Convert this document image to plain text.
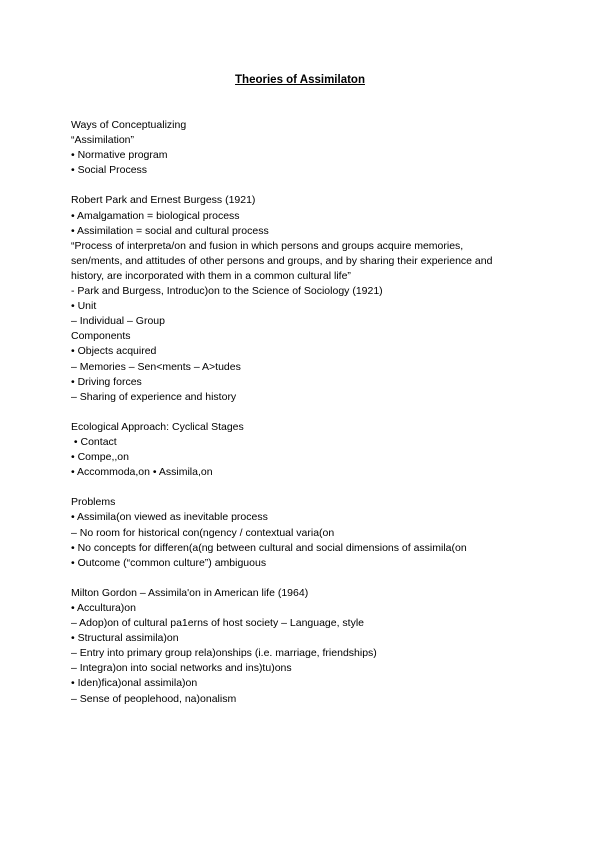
Theories of Assimilaton
Ways of Conceptualizing
“Assimilation”
• Normative program
• Social Process
Robert Park and Ernest Burgess (1921)
• Amalgamation = biological process
• Assimilation = social and cultural process
“Process of interpreta/on and fusion in which persons and groups acquire memories,
sen/ments, and attitudes of other persons and groups, and by sharing their experience and
history, are incorporated with them in a common cultural life”
- Park and Burgess, Introduc)on to the Science of Sociology (1921)
• Unit
– Individual – Group
Components
• Objects acquired
– Memories – Sen<ments – A>tudes
• Driving forces
– Sharing of experience and history
Ecological Approach: Cyclical Stages
• Contact
• Compe,,on
• Accommoda,on • Assimila,on
Problems
• Assimila(on viewed as inevitable process
– No room for historical con(ngency / contextual varia(on
• No concepts for differen(a(ng between cultural and social dimensions of assimila(on
• Outcome (“common culture”) ambiguous
Milton Gordon – Assimila'on in American life (1964)
• Accultura)on
– Adop)on of cultural pa1erns of host society – Language, style
• Structural assimila)on
– Entry into primary group rela)onships (i.e. marriage, friendships)
– Integra)on into social networks and ins)tu)ons
• Iden)fica)onal assimila)on
– Sense of peoplehood, na)onalism
